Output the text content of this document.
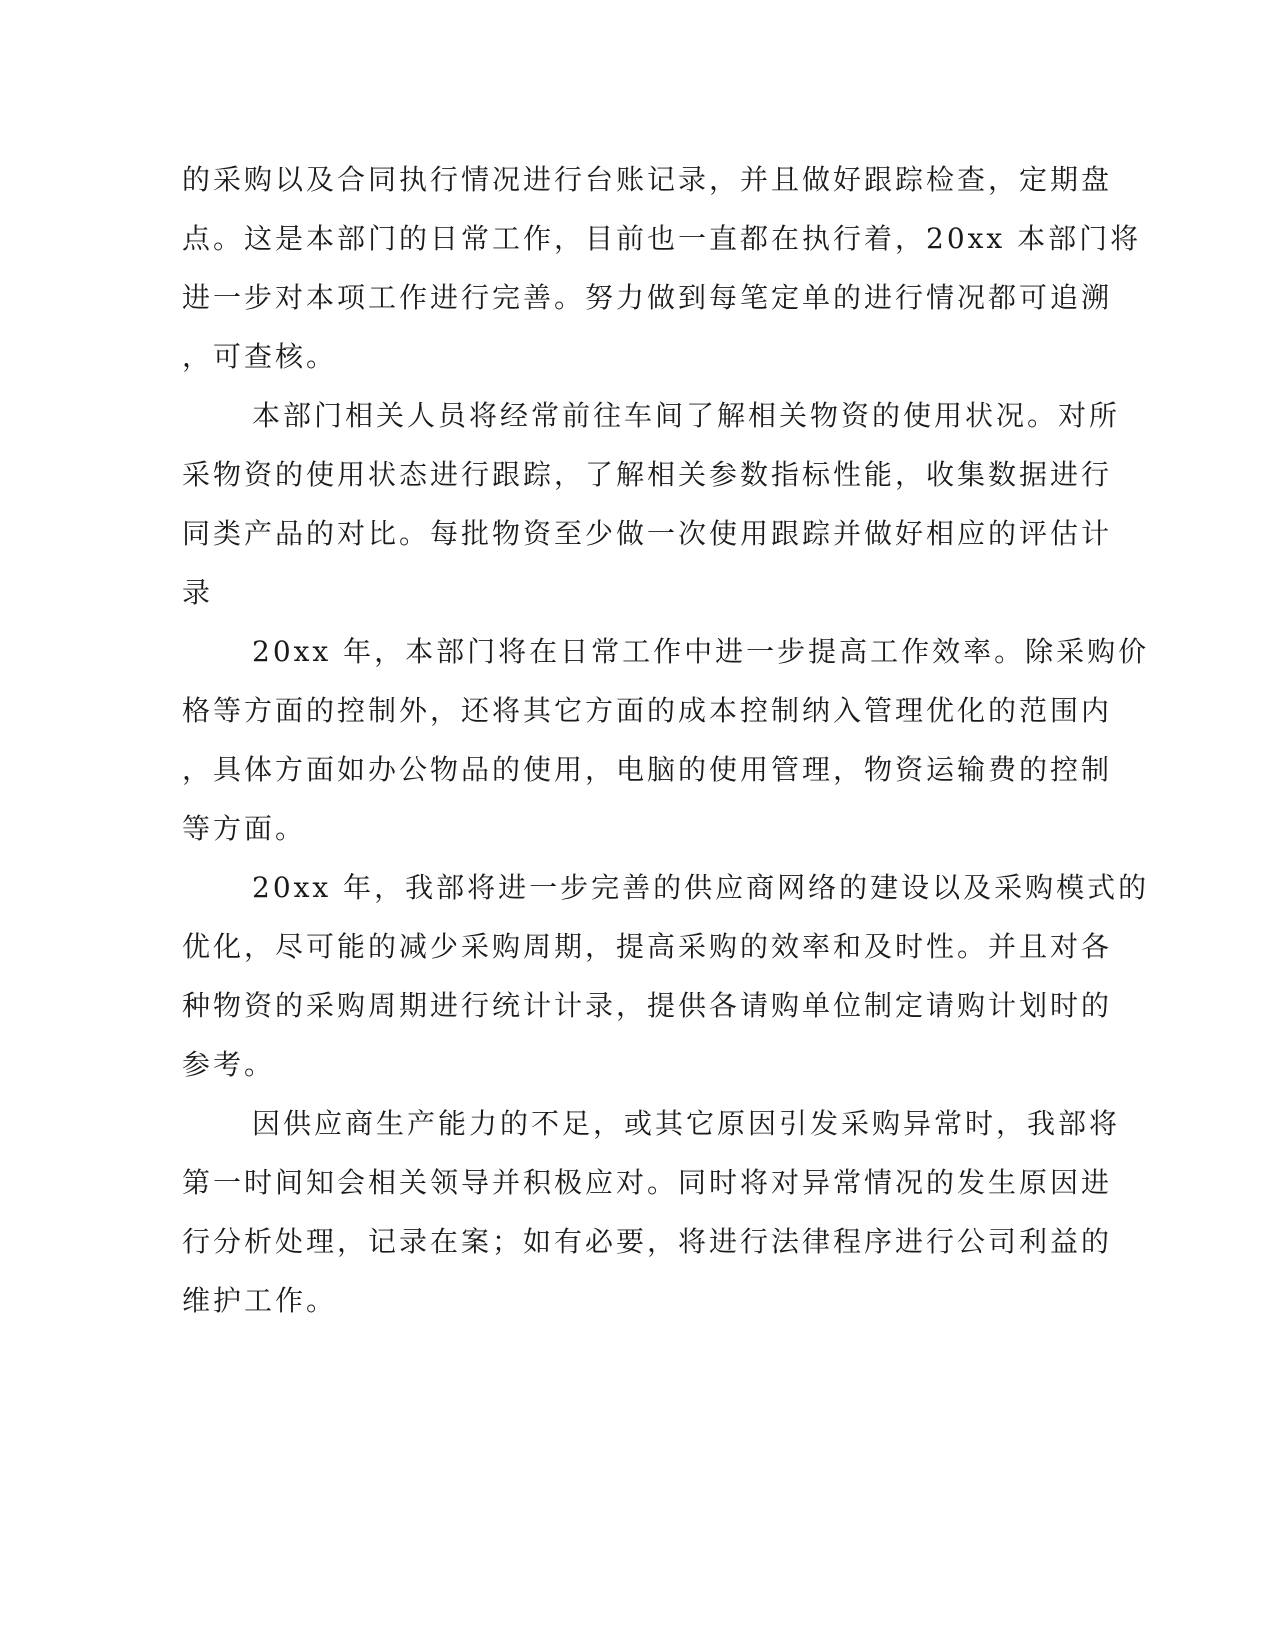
的采购以及合同执行情况进行台账记录，并且做好跟踪检查，定期盘
点。这是本部门的日常工作，目前也一直都在执行着，20xx 本部门将
进一步对本项工作进行完善。努力做到每笔定单的进行情况都可追溯
，可查核。
本部门相关人员将经常前往车间了解相关物资的使用状况。对所
采物资的使用状态进行跟踪，了解相关参数指标性能，收集数据进行
同类产品的对比。每批物资至少做一次使用跟踪并做好相应的评估计
录
20xx 年，本部门将在日常工作中进一步提高工作效率。除采购价
格等方面的控制外，还将其它方面的成本控制纳入管理优化的范围内
，具体方面如办公物品的使用，电脑的使用管理，物资运输费的控制
等方面。
20xx 年，我部将进一步完善的供应商网络的建设以及采购模式的
优化，尽可能的减少采购周期，提高采购的效率和及时性。并且对各
种物资的采购周期进行统计计录，提供各请购单位制定请购计划时的
参考。
因供应商生产能力的不足，或其它原因引发采购异常时，我部将
第一时间知会相关领导并积极应对。同时将对异常情况的发生原因进
行分析处理，记录在案；如有必要，将进行法律程序进行公司利益的
维护工作。
